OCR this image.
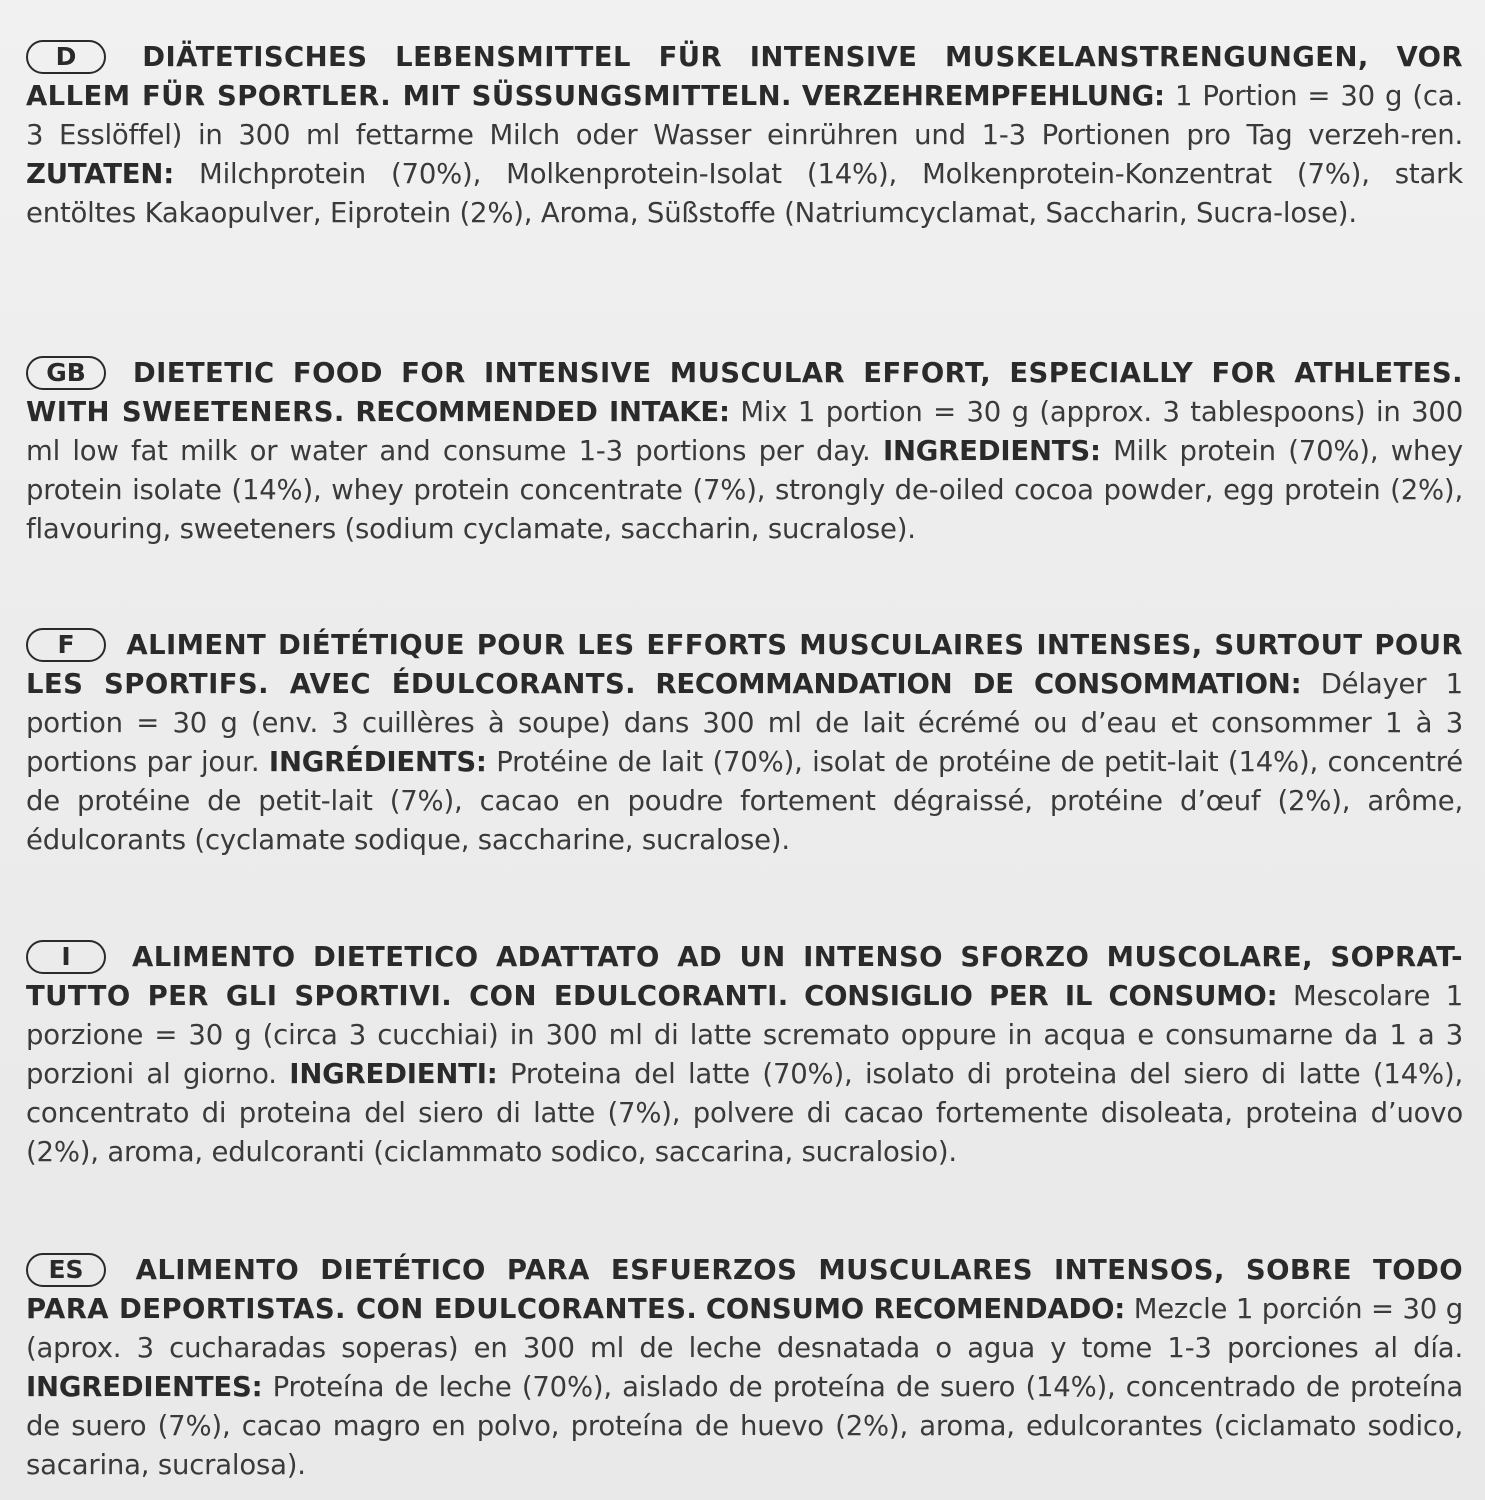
D DIÄTETISCHES LEBENSMITTEL FÜR INTENSIVE MUSKELANSTRENGUNGEN, VOR ALLEM FÜR SPORTLER. MIT SÜSSUNGSMITTELN. VERZEHREMPFEHLUNG: 1 Portion = 30 g (ca. 3 Esslöffel) in 300 ml fettarme Milch oder Wasser einrühren und 1-3 Portionen pro Tag verzeh-ren. ZUTATEN: Milchprotein (70%), Molkenprotein-Isolat (14%), Molkenprotein-Konzentrat (7%), stark entöltes Kakaopulver, Eiprotein (2%), Aroma, Süßstoffe (Natriumcyclamat, Saccharin, Sucra-lose).

GB DIETETIC FOOD FOR INTENSIVE MUSCULAR EFFORT, ESPECIALLY FOR ATHLETES. WITH SWEETENERS. RECOMMENDED INTAKE: Mix 1 portion = 30 g (approx. 3 tablespoons) in 300 ml low fat milk or water and consume 1-3 portions per day. INGREDIENTS: Milk protein (70%), whey protein isolate (14%), whey protein concentrate (7%), strongly de-oiled cocoa powder, egg protein (2%), flavouring, sweeteners (sodium cyclamate, saccharin, sucralose).

F ALIMENT DIÉTÉTIQUE POUR LES EFFORTS MUSCULAIRES INTENSES, SURTOUT POUR LES SPORTIFS. AVEC ÉDULCORANTS. RECOMMANDATION DE CONSOMMATION: Délayer 1 portion = 30 g (env. 3 cuillères à soupe) dans 300 ml de lait écrémé ou d’eau et consommer 1 à 3 portions par jour. INGRÉDIENTS: Protéine de lait (70%), isolat de protéine de petit-lait (14%), concentré de protéine de petit-lait (7%), cacao en poudre fortement dégraissé, protéine d’œuf (2%), arôme, édulcorants (cyclamate sodique, saccharine, sucralose).

I ALIMENTO DIETETICO ADATTATO AD UN INTENSO SFORZO MUSCOLARE, SOPRAT-TUTTO PER GLI SPORTIVI. CON EDULCORANTI. CONSIGLIO PER IL CONSUMO: Mescolare 1 porzione = 30 g (circa 3 cucchiai) in 300 ml di latte scremato oppure in acqua e consumarne da 1 a 3 porzioni al giorno. INGREDIENTI: Proteina del latte (70%), isolato di proteina del siero di latte (14%), concentrato di proteina del siero di latte (7%), polvere di cacao fortemente disoleata, proteina d’uovo (2%), aroma, edulcoranti (ciclammato sodico, saccarina, sucralosio).

ES ALIMENTO DIETÉTICO PARA ESFUERZOS MUSCULARES INTENSOS, SOBRE TODO PARA DEPORTISTAS. CON EDULCORANTES. CONSUMO RECOMENDADO: Mezcle 1 porción = 30 g (aprox. 3 cucharadas soperas) en 300 ml de leche desnatada o agua y tome 1-3 porciones al día. INGREDIENTES: Proteína de leche (70%), aislado de proteína de suero (14%), concentrado de proteína de suero (7%), cacao magro en polvo, proteína de huevo (2%), aroma, edulcorantes (ciclamato sodico, sacarina, sucralosa).
